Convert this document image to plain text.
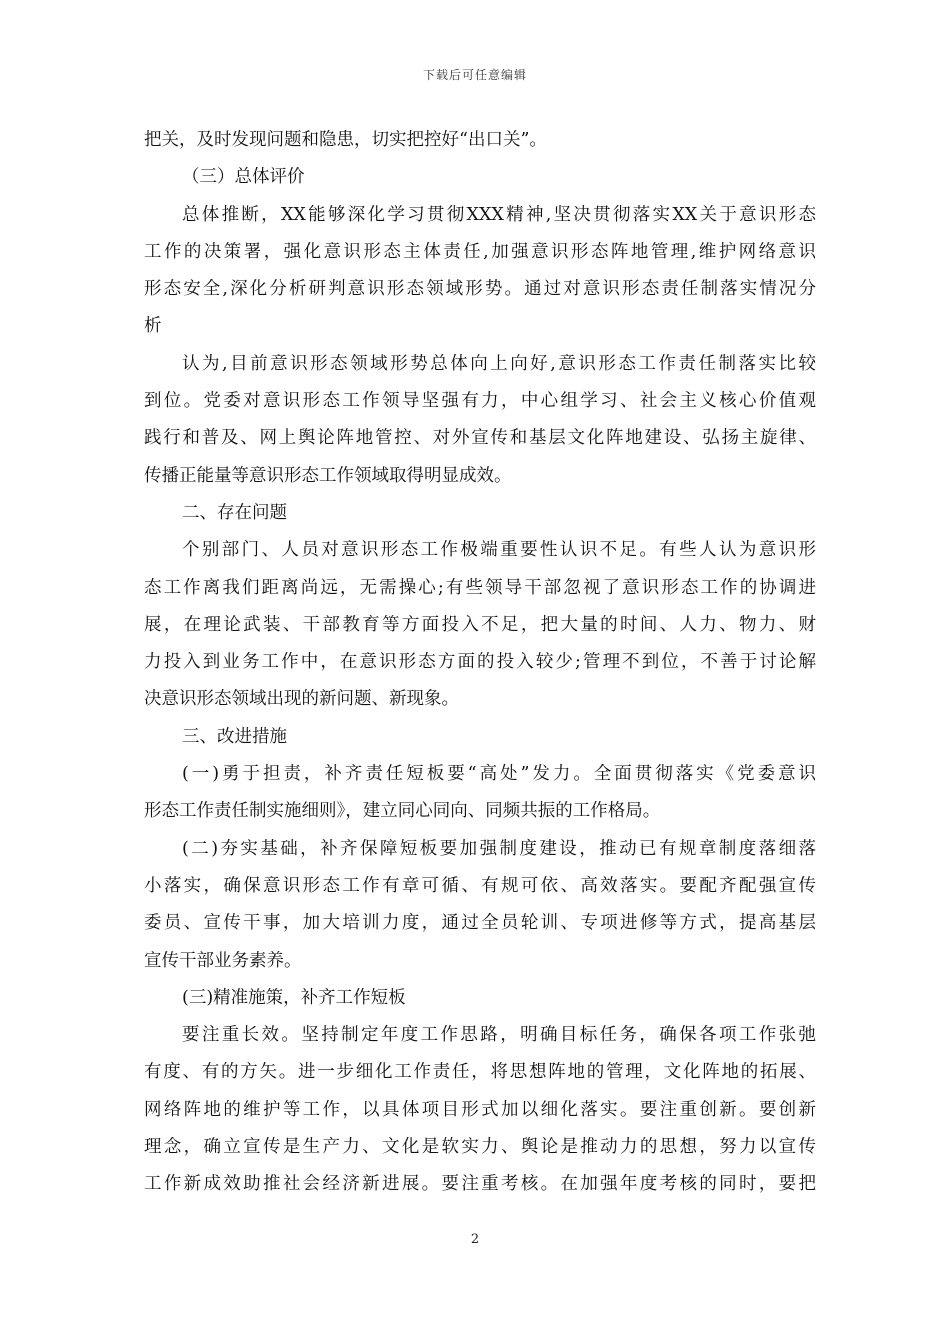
下载后可任意编辑
把关，及时发现问题和隐患，切实把控好“出口关”。
（三）总体评价
总体推断，XX能够深化学习贯彻XXX精神,坚决贯彻落实XX关于意识形态
工作的决策署，强化意识形态主体责任,加强意识形态阵地管理,维护网络意识
形态安全,深化分析研判意识形态领域形势。通过对意识形态责任制落实情况分
析
认为,目前意识形态领域形势总体向上向好,意识形态工作责任制落实比较
到位。党委对意识形态工作领导坚强有力，中心组学习、社会主义核心价值观
践行和普及、网上舆论阵地管控、对外宣传和基层文化阵地建设、弘扬主旋律、
传播正能量等意识形态工作领域取得明显成效。
二、存在问题
个别部门、人员对意识形态工作极端重要性认识不足。有些人认为意识形
态工作离我们距离尚远，无需操心;有些领导干部忽视了意识形态工作的协调进
展，在理论武装、干部教育等方面投入不足，把大量的时间、人力、物力、财
力投入到业务工作中，在意识形态方面的投入较少;管理不到位，不善于讨论解
决意识形态领域出现的新问题、新现象。
三、改进措施
(一)勇于担责，补齐责任短板要“高处”发力。全面贯彻落实《党委意识
形态工作责任制实施细则》，建立同心同向、同频共振的工作格局。
(二)夯实基础，补齐保障短板要加强制度建设，推动已有规章制度落细落
小落实，确保意识形态工作有章可循、有规可依、高效落实。要配齐配强宣传
委员、宣传干事，加大培训力度，通过全员轮训、专项进修等方式，提高基层
宣传干部业务素养。
(三)精准施策，补齐工作短板
要注重长效。坚持制定年度工作思路，明确目标任务，确保各项工作张弛
有度、有的方矢。进一步细化工作责任，将思想阵地的管理，文化阵地的拓展、
网络阵地的维护等工作，以具体项目形式加以细化落实。要注重创新。要创新
理念，确立宣传是生产力、文化是软实力、舆论是推动力的思想，努力以宣传
工作新成效助推社会经济新进展。要注重考核。在加强年度考核的同时，要把
2
